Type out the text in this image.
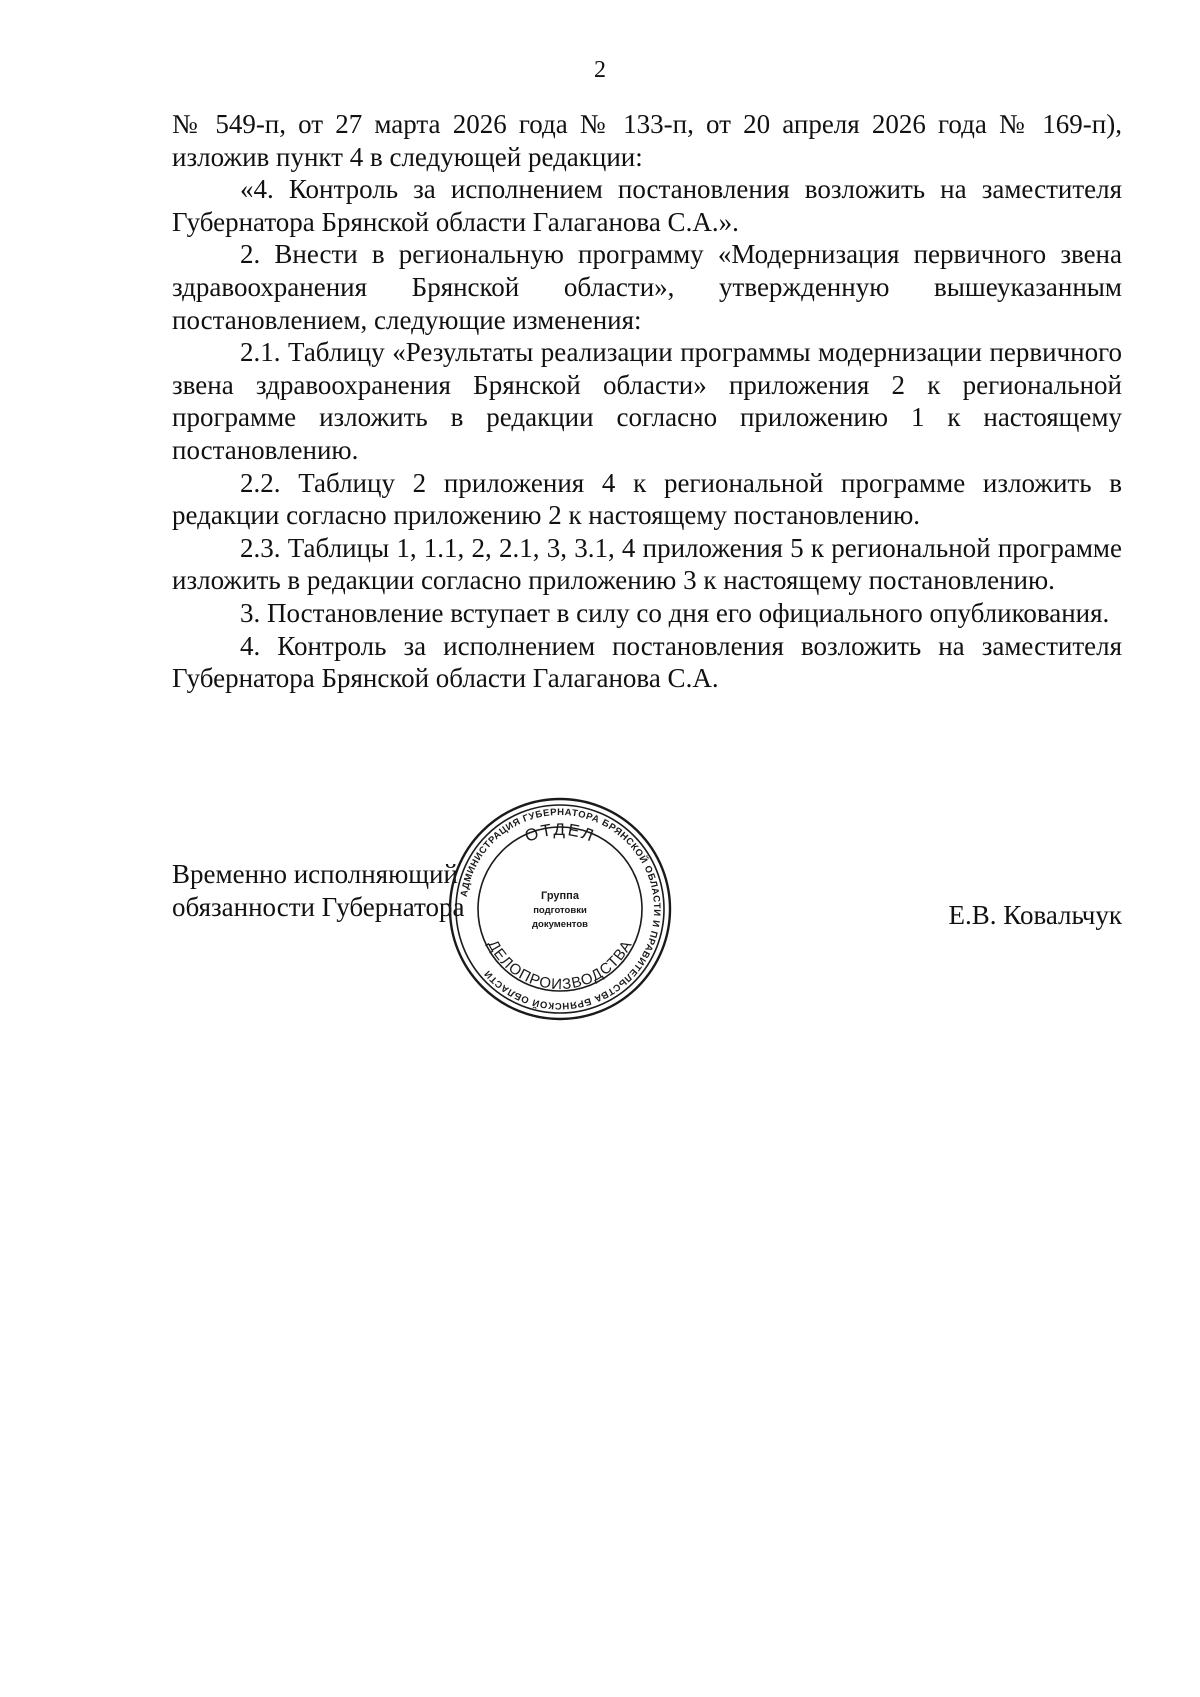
2

№ 549-п, от 27 марта 2026 года № 133-п, от 20 апреля 2026 года № 169-п), изложив пункт 4 в следующей редакции:

«4. Контроль за исполнением постановления возложить на заместителя Губернатора Брянской области Галаганова С.А.».

2. Внести в региональную программу «Модернизация первичного звена здравоохранения Брянской области», утвержденную вышеуказанным постановлением, следующие изменения:

2.1. Таблицу «Результаты реализации программы модернизации первичного звена здравоохранения Брянской области» приложения 2 к региональной программе изложить в редакции согласно приложению 1 к настоящему постановлению.

2.2. Таблицу 2 приложения 4 к региональной программе изложить в редакции согласно приложению 2 к настоящему постановлению.

2.3. Таблицы 1, 1.1, 2, 2.1, 3, 3.1, 4 приложения 5 к региональной программе изложить в редакции согласно приложению 3 к настоящему постановлению.

3. Постановление вступает в силу со дня его официального опубликования.

4. Контроль за исполнением постановления возложить на заместителя Губернатора Брянской области Галаганова С.А.

Временно исполняющий
обязанности Губернатора	Е.В. Ковальчук
АДМИНИСТРАЦИЯ ГУБЕРНАТОРА БРЯНСКОЙ ОБЛАСТИ И ПРАВИТЕЛЬСТВА БРЯНСКОЙ ОБЛАСТИ
ОТДЕЛ
ДЕЛОПРОИЗВОДСТВА
Группа
подготовки
документов
